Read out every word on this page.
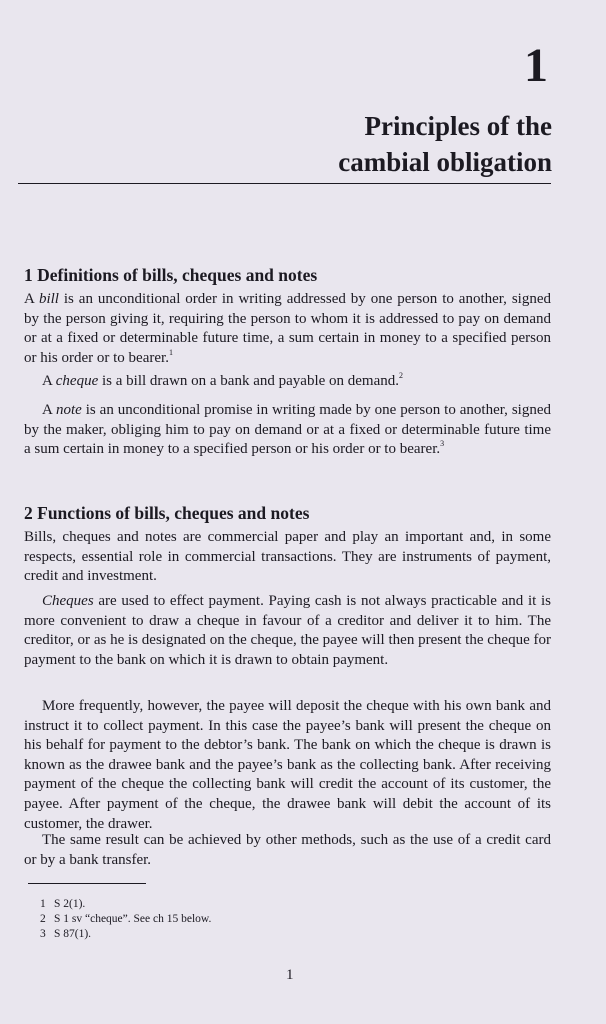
1
Principles of the
cambial obligation
1 Definitions of bills, cheques and notes
A bill is an unconditional order in writing addressed by one person to another, signed by the person giving it, requiring the person to whom it is addressed to pay on demand or at a fixed or determinable future time, a sum certain in money to a specified person or his order or to bearer.$^1$
A cheque is a bill drawn on a bank and payable on demand.$^2$
A note is an unconditional promise in writing made by one person to another, signed by the maker, obliging him to pay on demand or at a fixed or determinable future time a sum certain in money to a specified person or his order or to bearer.$^3$
2 Functions of bills, cheques and notes
Bills, cheques and notes are commercial paper and play an important and, in some respects, essential role in commercial transactions. They are instruments of payment, credit and investment.
Cheques are used to effect payment. Paying cash is not always practicable and it is more convenient to draw a cheque in favour of a creditor and deliver it to him. The creditor, or as he is designated on the cheque, the payee will then present the cheque for payment to the bank on which it is drawn to obtain payment.
More frequently, however, the payee will deposit the cheque with his own bank and instruct it to collect payment. In this case the payee’s bank will present the cheque on his behalf for payment to the debtor’s bank. The bank on which the cheque is drawn is known as the drawee bank and the payee’s bank as the collecting bank. After receiving payment of the cheque the collecting bank will credit the account of its customer, the payee. After payment of the cheque, the drawee bank will debit the account of its customer, the drawer.
The same result can be achieved by other methods, such as the use of a credit card or by a bank transfer.
1 S 2(1).
2 S 1 sv “cheque”. See ch 15 below.
3 S 87(1).
1
